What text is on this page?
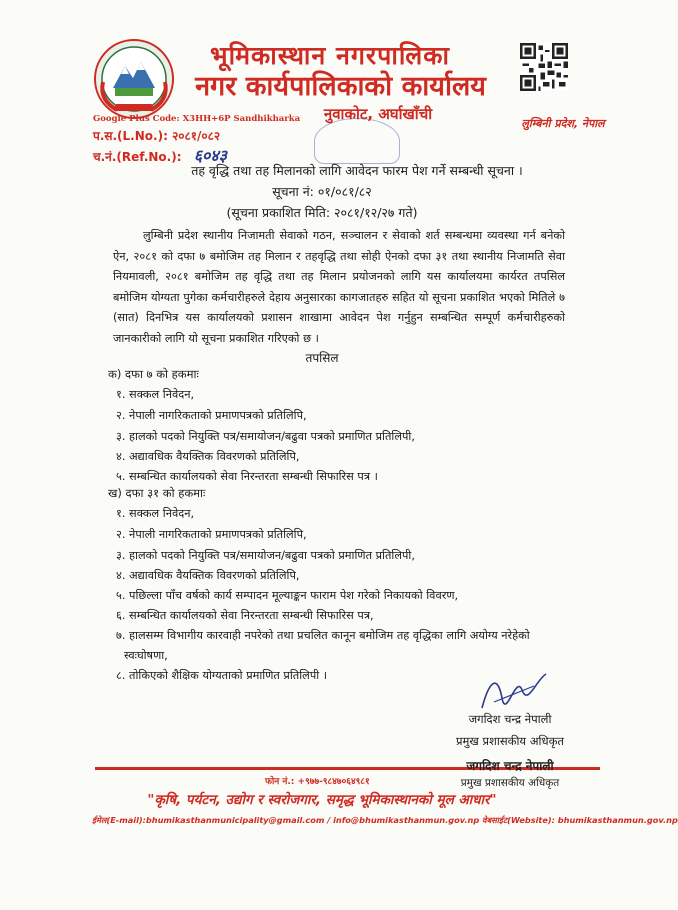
भूमिकास्थान नगरपालिका
नगर कार्यपालिकाको कार्यालय
नुवाकोट, अर्घाखाँची
लुम्बिनी प्रदेश, नेपाल
Google Plus Code: X3HH+6P Sandhikharka
प.स.(L.No.): २०८१/०८२
च.नं.(Ref.No.): ६०४३
तह वृद्धि तथा तह मिलानको लागि आवेदन फारम पेश गर्ने सम्बन्धी सूचना ।
सूचना नं: ०१/०८१/८२
(सूचना प्रकाशित मिति: २०८१/१२/२७ गते)

लुम्बिनी प्रदेश स्थानीय निजामती सेवाको गठन, सञ्चालन र सेवाको शर्त सम्बन्धमा व्यवस्था गर्न बनेको ऐन, २०८१ को दफा ७ बमोजिम तह मिलान र तहवृद्धि तथा सोही ऐनको दफा ३१ तथा स्थानीय निजामति सेवा नियमावली, २०८१ बमोजिम तह वृद्धि तथा तह मिलान प्रयोजनको लागि यस कार्यालयमा कार्यरत तपसिल बमोजिम योग्यता पुगेका कर्मचारीहरुले देहाय अनुसारका कागजातहरु सहित यो सूचना प्रकाशित भएको मितिले ७ (सात) दिनभित्र यस कार्यालयको प्रशासन शाखामा आवेदन पेश गर्नुहुन सम्बन्धित सम्पूर्ण कर्मचारीहरुको जानकारीको लागि यो सूचना प्रकाशित गरिएको छ ।

तपसिल
क) दफा ७ को हकमाः
१. सक्कल निवेदन,
२. नेपाली नागरिकताको प्रमाणपत्रको प्रतिलिपि,
३. हालको पदको नियुक्ति पत्र/समायोजन/बढुवा पत्रको प्रमाणित प्रतिलिपी,
४. अद्यावधिक वैयक्तिक विवरणको प्रतिलिपि,
५. सम्बन्धित कार्यालयको सेवा निरन्तरता सम्बन्धी सिफारिस पत्र ।
ख) दफा ३१ को हकमाः
१. सक्कल निवेदन,
२. नेपाली नागरिकताको प्रमाणपत्रको प्रतिलिपि,
३. हालको पदको नियुक्ति पत्र/समायोजन/बढुवा पत्रको प्रमाणित प्रतिलिपी,
४. अद्यावधिक वैयक्तिक विवरणको प्रतिलिपि,
५. पछिल्ला पाँच वर्षको कार्य सम्पादन मूल्याङ्कन फाराम पेश गरेको निकायको विवरण,
६. सम्बन्धित कार्यालयको सेवा निरन्तरता सम्बन्धी सिफारिस पत्र,
७. हालसम्म विभागीय कारवाही नपरेको तथा प्रचलित कानून बमोजिम तह वृद्धिका लागि अयोग्य नरेहेको
स्वःघोषणा,
८. तोकिएको शैक्षिक योग्यताको प्रमाणित प्रतिलिपी ।
जगदिश चन्द्र नेपाली
प्रमुख प्रशासकीय अधिकृत
जगदिश चन्द्र नेपाली
प्रमुख प्रशासकीय अधिकृत
फोन नं.: +९७७-९८४७०६४९८१
"कृषि, पर्यटन, उद्योग र स्वरोजगार, समृद्ध भूमिकास्थानको मूल आधार"
ईमेल(E-mail):bhumikasthanmunicipality@gmail.com / info@bhumikasthanmun.gov.np वेबसाईट(Website): bhumikasthanmun.gov.np
